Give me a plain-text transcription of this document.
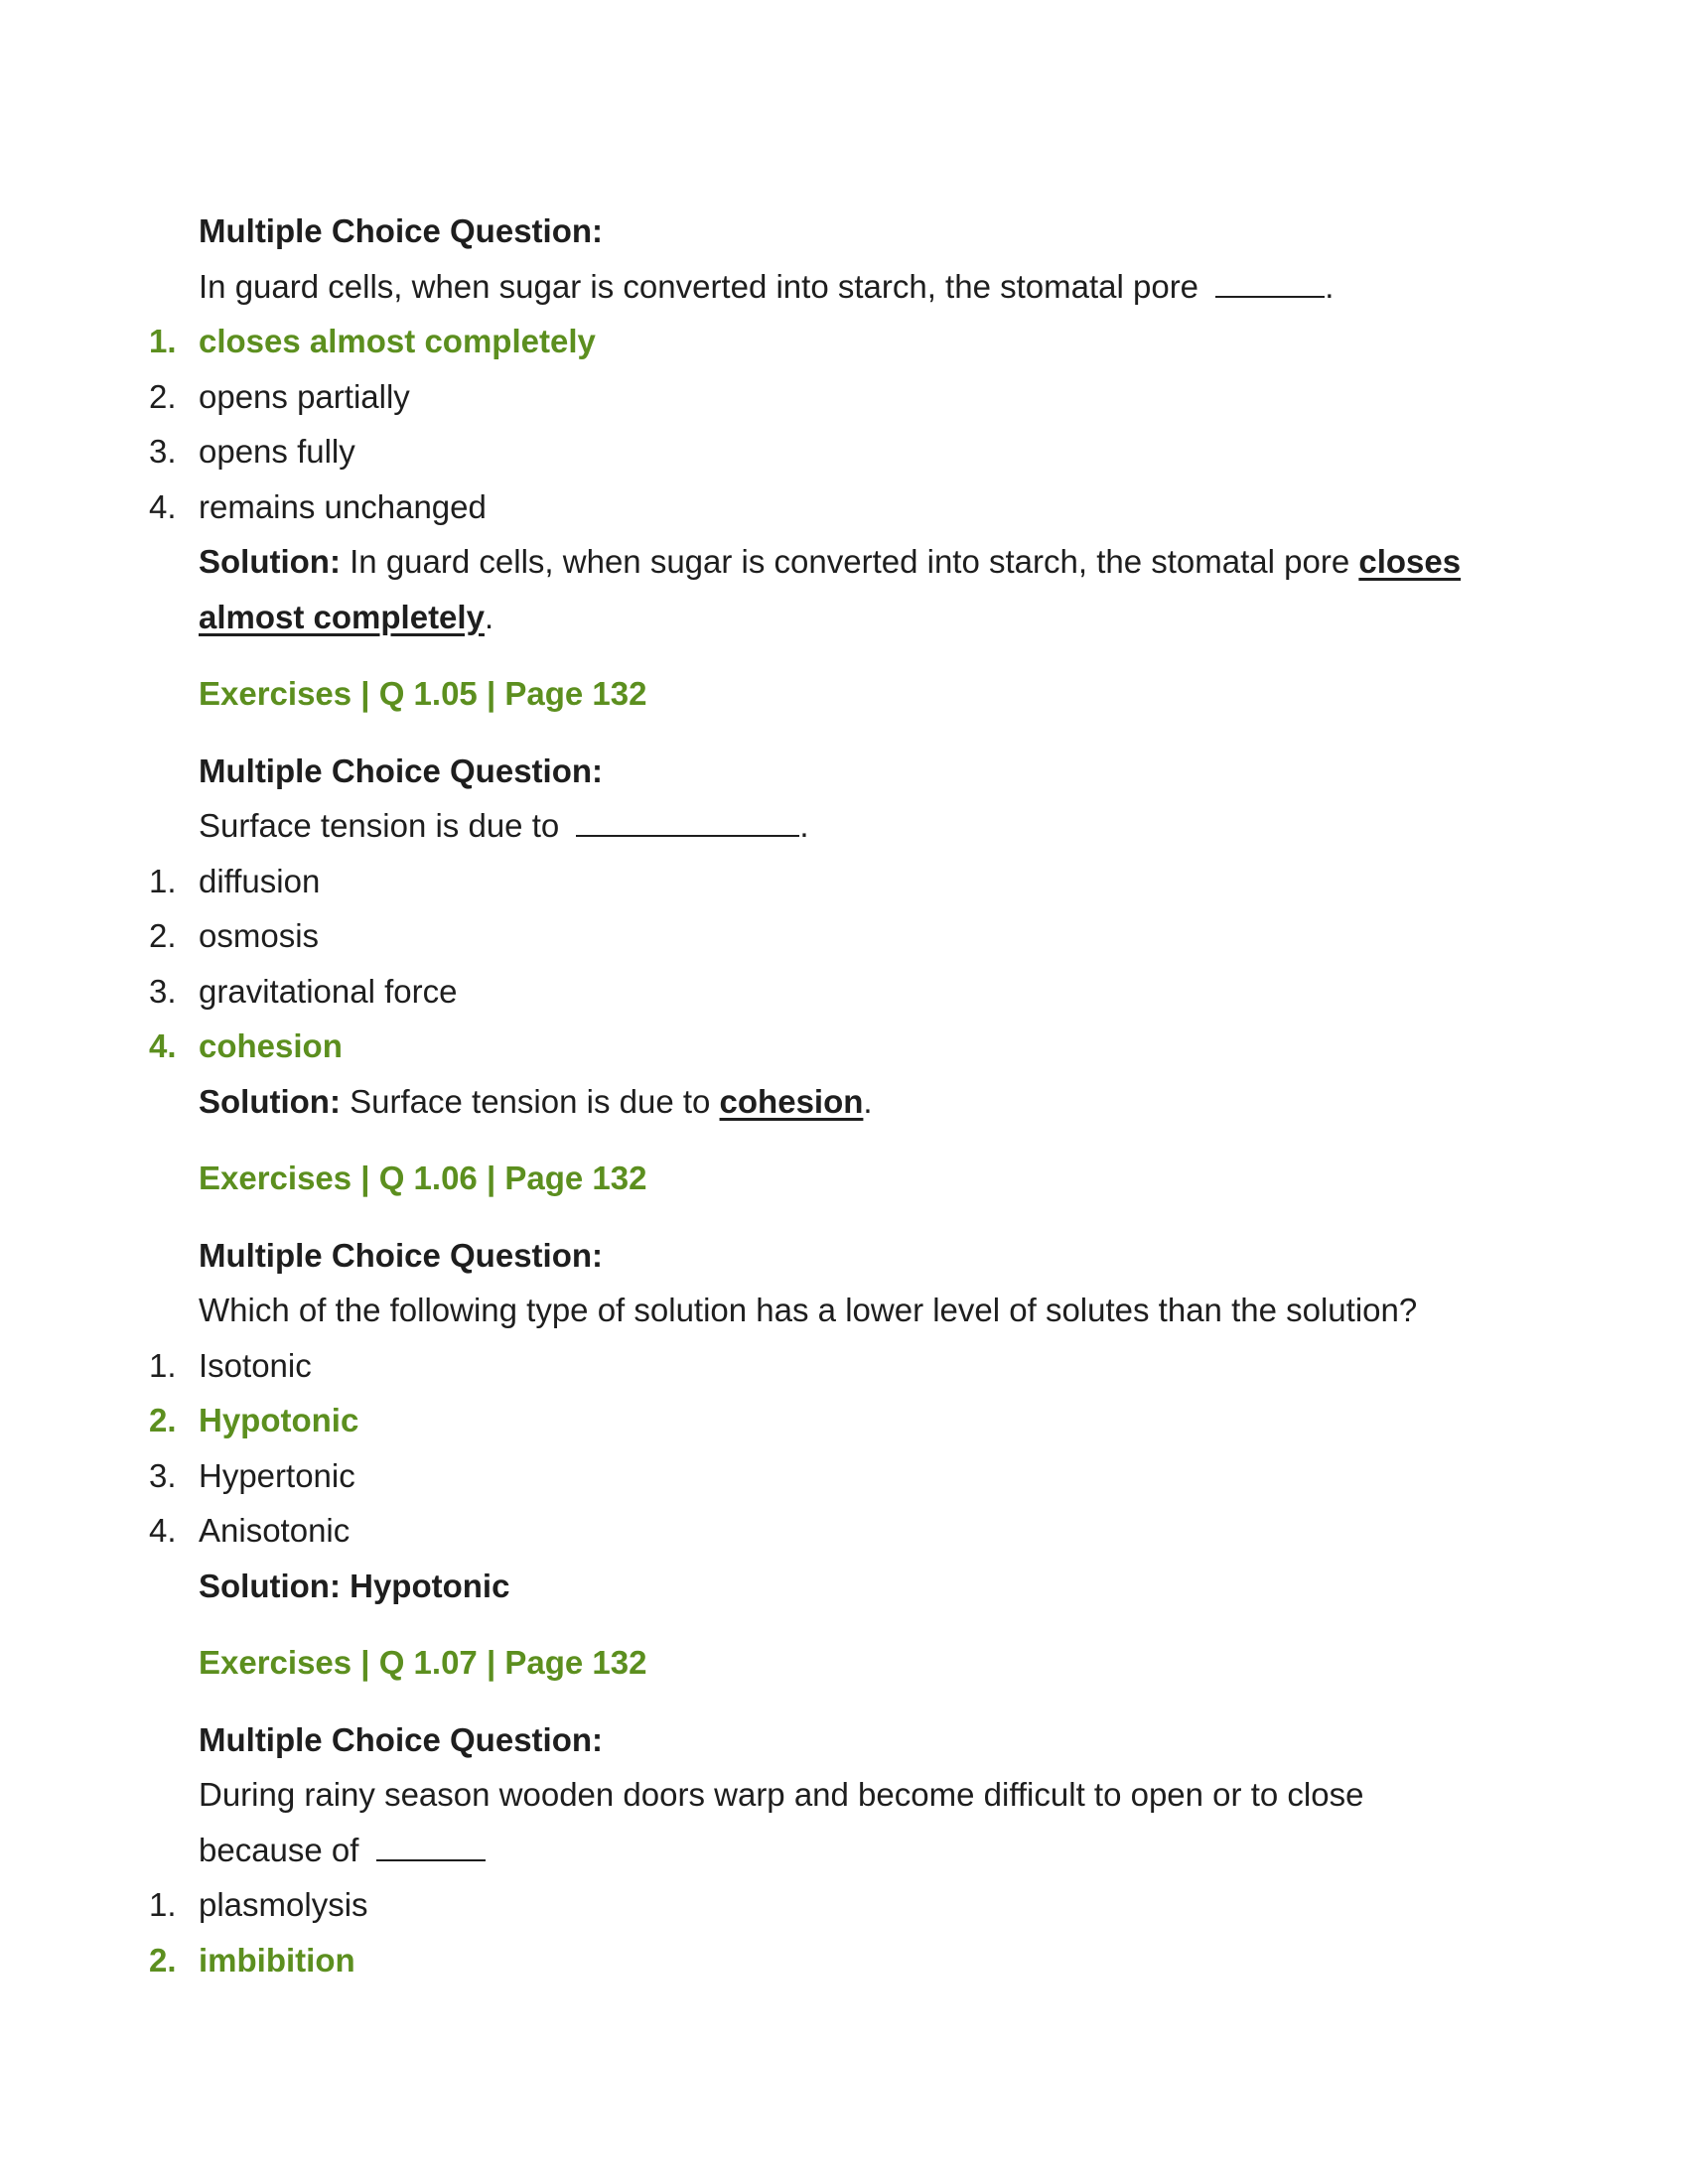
Multiple Choice Question:
In guard cells, when sugar is converted into starch, the stomatal pore	.
1. closes almost completely
2. opens partially
3. opens fully
4. remains unchanged
Solution: In guard cells, when sugar is converted into starch, the stomatal pore closes
almost completely.
Exercises | Q 1.05 | Page 132
Multiple Choice Question:
Surface tension is due to	.
1. diffusion
2. osmosis
3. gravitational force
4. cohesion
Solution: Surface tension is due to cohesion.
Exercises | Q 1.06 | Page 132
Multiple Choice Question:
Which of the following type of solution has a lower level of solutes than the solution?
1. Isotonic
2. Hypotonic
3. Hypertonic
4. Anisotonic
Solution: Hypotonic
Exercises | Q 1.07 | Page 132
Multiple Choice Question:
During rainy season wooden doors warp and become difficult to open or to close
because of
1. plasmolysis
2. imbibition
